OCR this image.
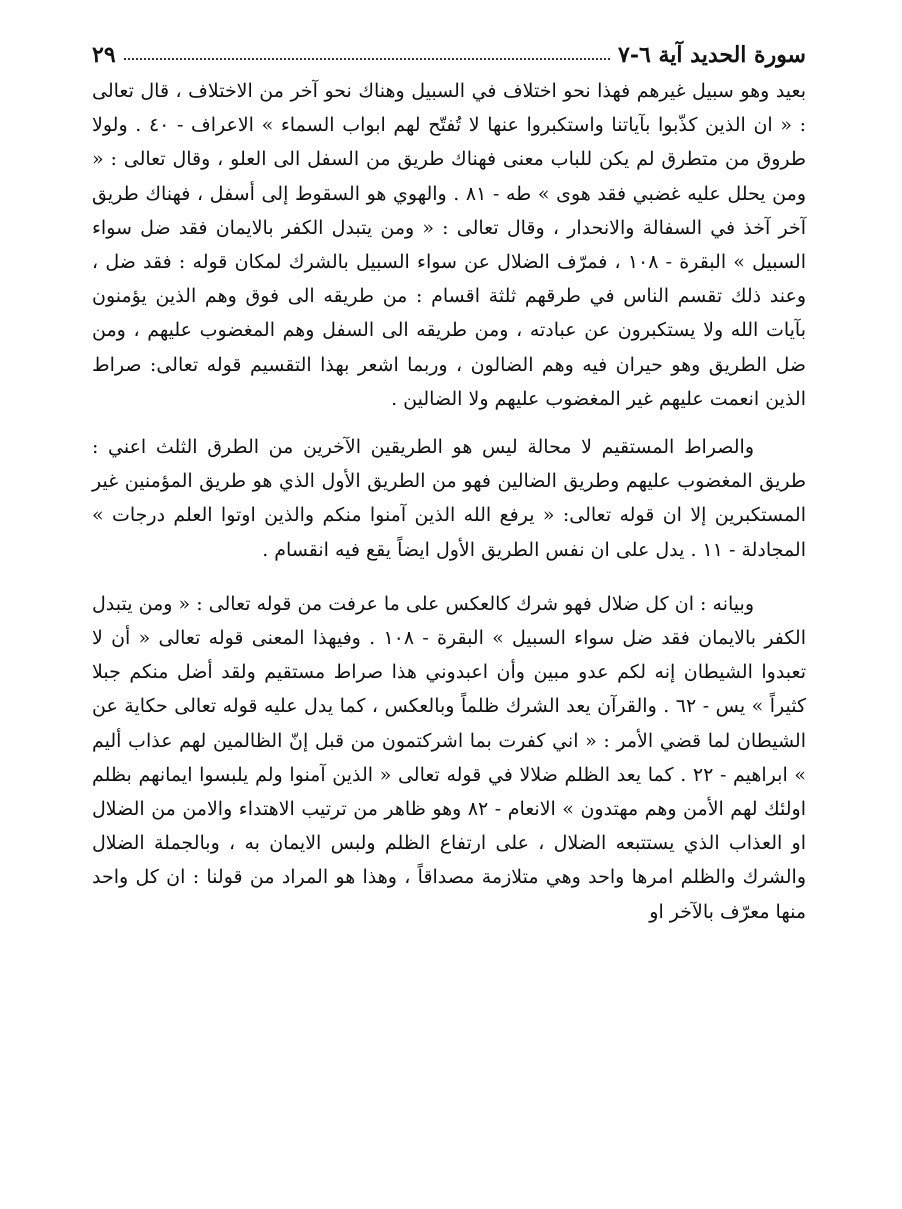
سورة الحديد آية ٦-٧
٢٩

بعيد وهو سبيل غيرهم فهذا نحو اختلاف في السبيل وهناك نحو آخر من الاختلاف ، قال تعالى : « ان الذين كذّبوا بآياتنا واستكبروا عنها لا تُفتّح لهم ابواب السماء » الاعراف - ٤٠ . ولولا طروق من متطرق لم يكن للباب معنى فهناك طريق من السفل الى العلو ، وقال تعالى : « ومن يحلل عليه غضبي فقد هوى » طه - ٨١ . والهوي هو السقوط إلى أسفل ، فهناك طريق آخر آخذ في السفالة والانحدار ، وقال تعالى : « ومن يتبدل الكفر بالايمان فقد ضل سواء السبيل » البقرة - ١٠٨ ، فمرّف الضلال عن سواء السبيل بالشرك لمكان قوله : فقد ضل ، وعند ذلك تقسم الناس في طرقهم ثلثة اقسام : من طريقه الى فوق وهم الذين يؤمنون بآيات الله ولا يستكبرون عن عبادته ، ومن طريقه الى السفل وهم المغضوب عليهم ، ومن ضل الطريق وهو حيران فيه وهم الضالون ، وربما اشعر بهذا التقسيم قوله تعالى: صراط الذين انعمت عليهم غير المغضوب عليهم ولا الضالين .

والصراط المستقيم لا محالة ليس هو الطريقين الآخرين من الطرق الثلث اعني : طريق المغضوب عليهم وطريق الضالين فهو من الطريق الأول الذي هو طريق المؤمنين غير المستكبرين إلا ان قوله تعالى: « يرفع الله الذين آمنوا منكم والذين اوتوا العلم درجات » المجادلة - ١١ . يدل على ان نفس الطريق الأول ايضاً يقع فيه انقسام .

وبيانه : ان كل ضلال فهو شرك كالعكس على ما عرفت من قوله تعالى : « ومن يتبدل الكفر بالايمان فقد ضل سواء السبيل » البقرة - ١٠٨ . وفيهذا المعنى قوله تعالى « أن لا تعبدوا الشيطان إنه لكم عدو مبين وأن اعبدوني هذا صراط مستقيم ولقد أضل منكم جبلا كثيراً » يس - ٦٢ . والقرآن يعد الشرك ظلماً وبالعكس ، كما يدل عليه قوله تعالى حكاية عن الشيطان لما قضي الأمر : « اني كفرت بما اشركتمون من قبل إنّ الظالمين لهم عذاب أليم » ابراهيم - ٢٢ . كما يعد الظلم ضلالا في قوله تعالى « الذين آمنوا ولم يلبسوا ايمانهم بظلم اولئك لهم الأمن وهم مهتدون » الانعام - ٨٢ وهو ظاهر من ترتيب الاهتداء والامن من الضلال او العذاب الذي يستتبعه الضلال ، على ارتفاع الظلم ولبس الايمان به ، وبالجملة الضلال والشرك والظلم امرها واحد وهي متلازمة مصداقاً ، وهذا هو المراد من قولنا : ان كل واحد منها معرّف بالآخر او
